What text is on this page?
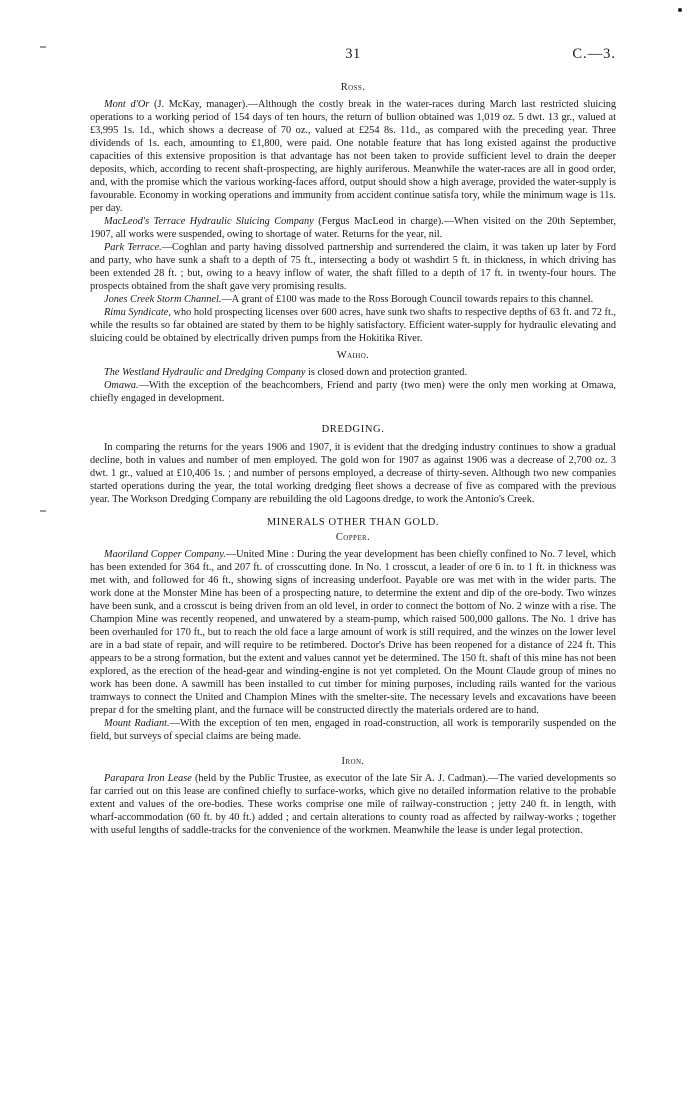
31	C.—3.
Ross.

Mont d'Or (J. McKay, manager).—Although the costly break in the water-races during March last restricted sluicing operations to a working period of 154 days of ten hours, the return of bullion obtained was 1,019 oz. 5 dwt. 13 gr., valued at £3,995 1s. 1d., which shows a decrease of 70 oz., valued at £254 8s. 11d., as compared with the preceding year. Three dividends of 1s. each, amounting to £1,800, were paid. One notable feature that has long existed against the productive capacities of this extensive proposition is that advantage has not been taken to provide sufficient level to drain the deeper deposits, which, according to recent shaft-prospecting, are highly auriferous. Meanwhile the water-races are all in good order, and, with the promise which the various working-faces afford, output should show a high average, provided the water-supply is favourable. Economy in working operations and immunity from accident continue satisfa tory, while the minimum wage is 11s. per day.

MacLeod's Terrace Hydraulic Sluicing Company (Fergus MacLeod in charge).—When visited on the 20th September, 1907, all works were suspended, owing to shortage of water. Returns for the year, nil.

Park Terrace.—Coghlan and party having dissolved partnership and surrendered the claim, it was taken up later by Ford and party, who have sunk a shaft to a depth of 75 ft., intersecting a body ot washdirt 5 ft. in thickness, in which driving has been extended 28 ft. ; but, owing to a heavy inflow of water, the shaft filled to a depth of 17 ft. in twenty-four hours. The prospects obtained from the shaft gave very promising results.

Jones Creek Storm Channel.—A grant of £100 was made to the Ross Borough Council towards repairs to this channel.

Rimu Syndicate, who hold prospecting licenses over 600 acres, have sunk two shafts to respective depths of 63 ft. and 72 ft., while the results so far obtained are stated by them to be highly satisfactory. Efficient water-supply for hydraulic elevating and sluicing could be obtained by electrically driven pumps from the Hokitika River.

Waiho.

The Westland Hydraulic and Dredging Company is closed down and protection granted.

Omawa.—With the exception of the beachcombers, Friend and party (two men) were the only men working at Omawa, chiefly engaged in development.

DREDGING.

In comparing the returns for the years 1906 and 1907, it is evident that the dredging industry continues to show a gradual decline, both in values and number of men employed. The gold won for 1907 as against 1906 was a decrease of 2,700 oz. 3 dwt. 1 gr., valued at £10,406 1s. ; and number of persons employed, a decrease of thirty-seven. Although two new companies started operations during the year, the total working dredging fleet shows a decrease of five as compared with the previous year. The Workson Dredging Company are rebuilding the old Lagoons dredge, to work the Antonio's Creek.

MINERALS OTHER THAN GOLD.
Copper.

Maoriland Copper Company.—United Mine : During the year development has been chiefly confined to No. 7 level, which has been extended for 364 ft., and 207 ft. of crosscutting done. In No. 1 crosscut, a leader of ore 6 in. to 1 ft. in thickness was met with, and followed for 46 ft., showing signs of increasing underfoot. Payable ore was met with in the wider parts. The work done at the Monster Mine has been of a prospecting nature, to determine the extent and dip of the ore-body. Two winzes have been sunk, and a crosscut is being driven from an old level, in order to connect the bottom of No. 2 winze with a rise. The Champion Mine was recently reopened, and unwatered by a steam-pump, which raised 500,000 gallons. The No. 1 drive has been overhauled for 170 ft., but to reach the old face a large amount of work is still required, and the winzes on the lower level are in a bad state of repair, and will require to be retimbered. Doctor's Drive has been reopened for a distance of 224 ft. This appears to be a strong formation, but the extent and values cannot yet be determined. The 150 ft. shaft of this mine has not been explored, as the erection of the head-gear and winding-engine is not yet completed. On the Mount Claude group of mines no work has been done. A sawmill has been installed to cut timber for mining purposes, including rails wanted for the various tramways to connect the United and Champion Mines with the smelter-site. The necessary levels and excavations have beeen prepar d for the smelting plant, and the furnace will be constructed directly the materials ordered are to hand.

Mount Radiant.—With the exception of ten men, engaged in road-construction, all work is temporarily suspended on the field, but surveys of special claims are being made.

Iron.

Parapara Iron Lease (held by the Public Trustee, as executor of the late Sir A. J. Cadman).—The varied developments so far carried out on this lease are confined chiefly to surface-works, which give no detailed information relative to the probable extent and values of the ore-bodies. These works comprise one mile of railway-construction ; jetty 240 ft. in length, with wharf-accommodation (60 ft. by 40 ft.) added ; and certain alterations to county road as affected by railway-works ; together with useful lengths of saddle-tracks for the convenience of the workmen. Meanwhile the lease is under legal protection.
